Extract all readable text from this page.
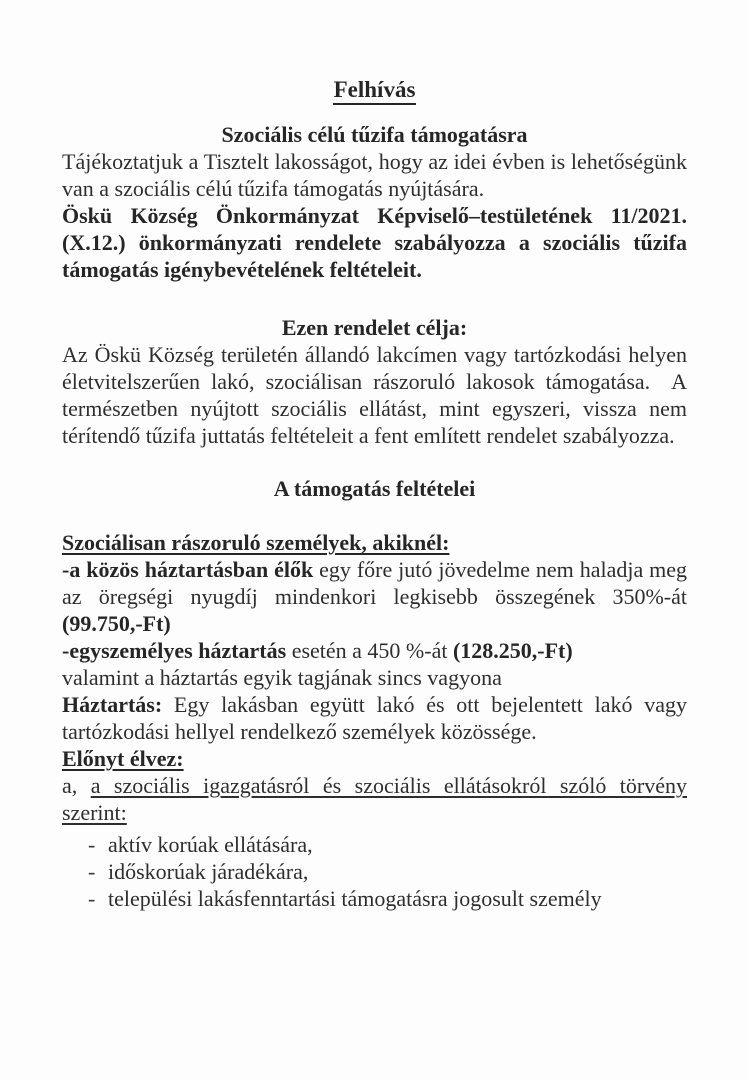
Felhívás
Szociális célú tűzifa támogatásra

Tájékoztatjuk a Tisztelt lakosságot, hogy az idei évben is lehetőségünk van a szociális célú tűzifa támogatás nyújtására.

Öskü Község Önkormányzat Képviselő–testületének 11/2021.(X.12.) önkormányzati rendelete szabályozza a szociális tűzifa támogatás igénybevételének feltételeit.

Ezen rendelet célja:

Az Öskü Község területén állandó lakcímen vagy tartózkodási helyen életvitelszerűen lakó, szociálisan rászoruló lakosok támogatása.  A természetben nyújtott szociális ellátást, mint egyszeri, vissza nem térítendő tűzifa juttatás feltételeit a fent említett rendelet szabályozza.

A támogatás feltételei

Szociálisan rászoruló személyek, akiknél:

-a közös háztartásban élők egy főre jutó jövedelme nem haladja meg az öregségi nyugdíj mindenkori legkisebb összegének 350%-át (99.750,-Ft)

-egyszemélyes háztartás esetén a 450 %-át (128.250,-Ft)

valamint a háztartás egyik tagjának sincs vagyona

Háztartás: Egy lakásban együtt lakó és ott bejelentett lakó vagy tartózkodási hellyel rendelkező személyek közössége.

Előnyt élvez:

a, a szociális igazgatásról és szociális ellátásokról szóló törvény szerint:

- aktív korúak ellátására,
- időskorúak járadékára,
- települési lakásfenntartási támogatásra jogosult személy
